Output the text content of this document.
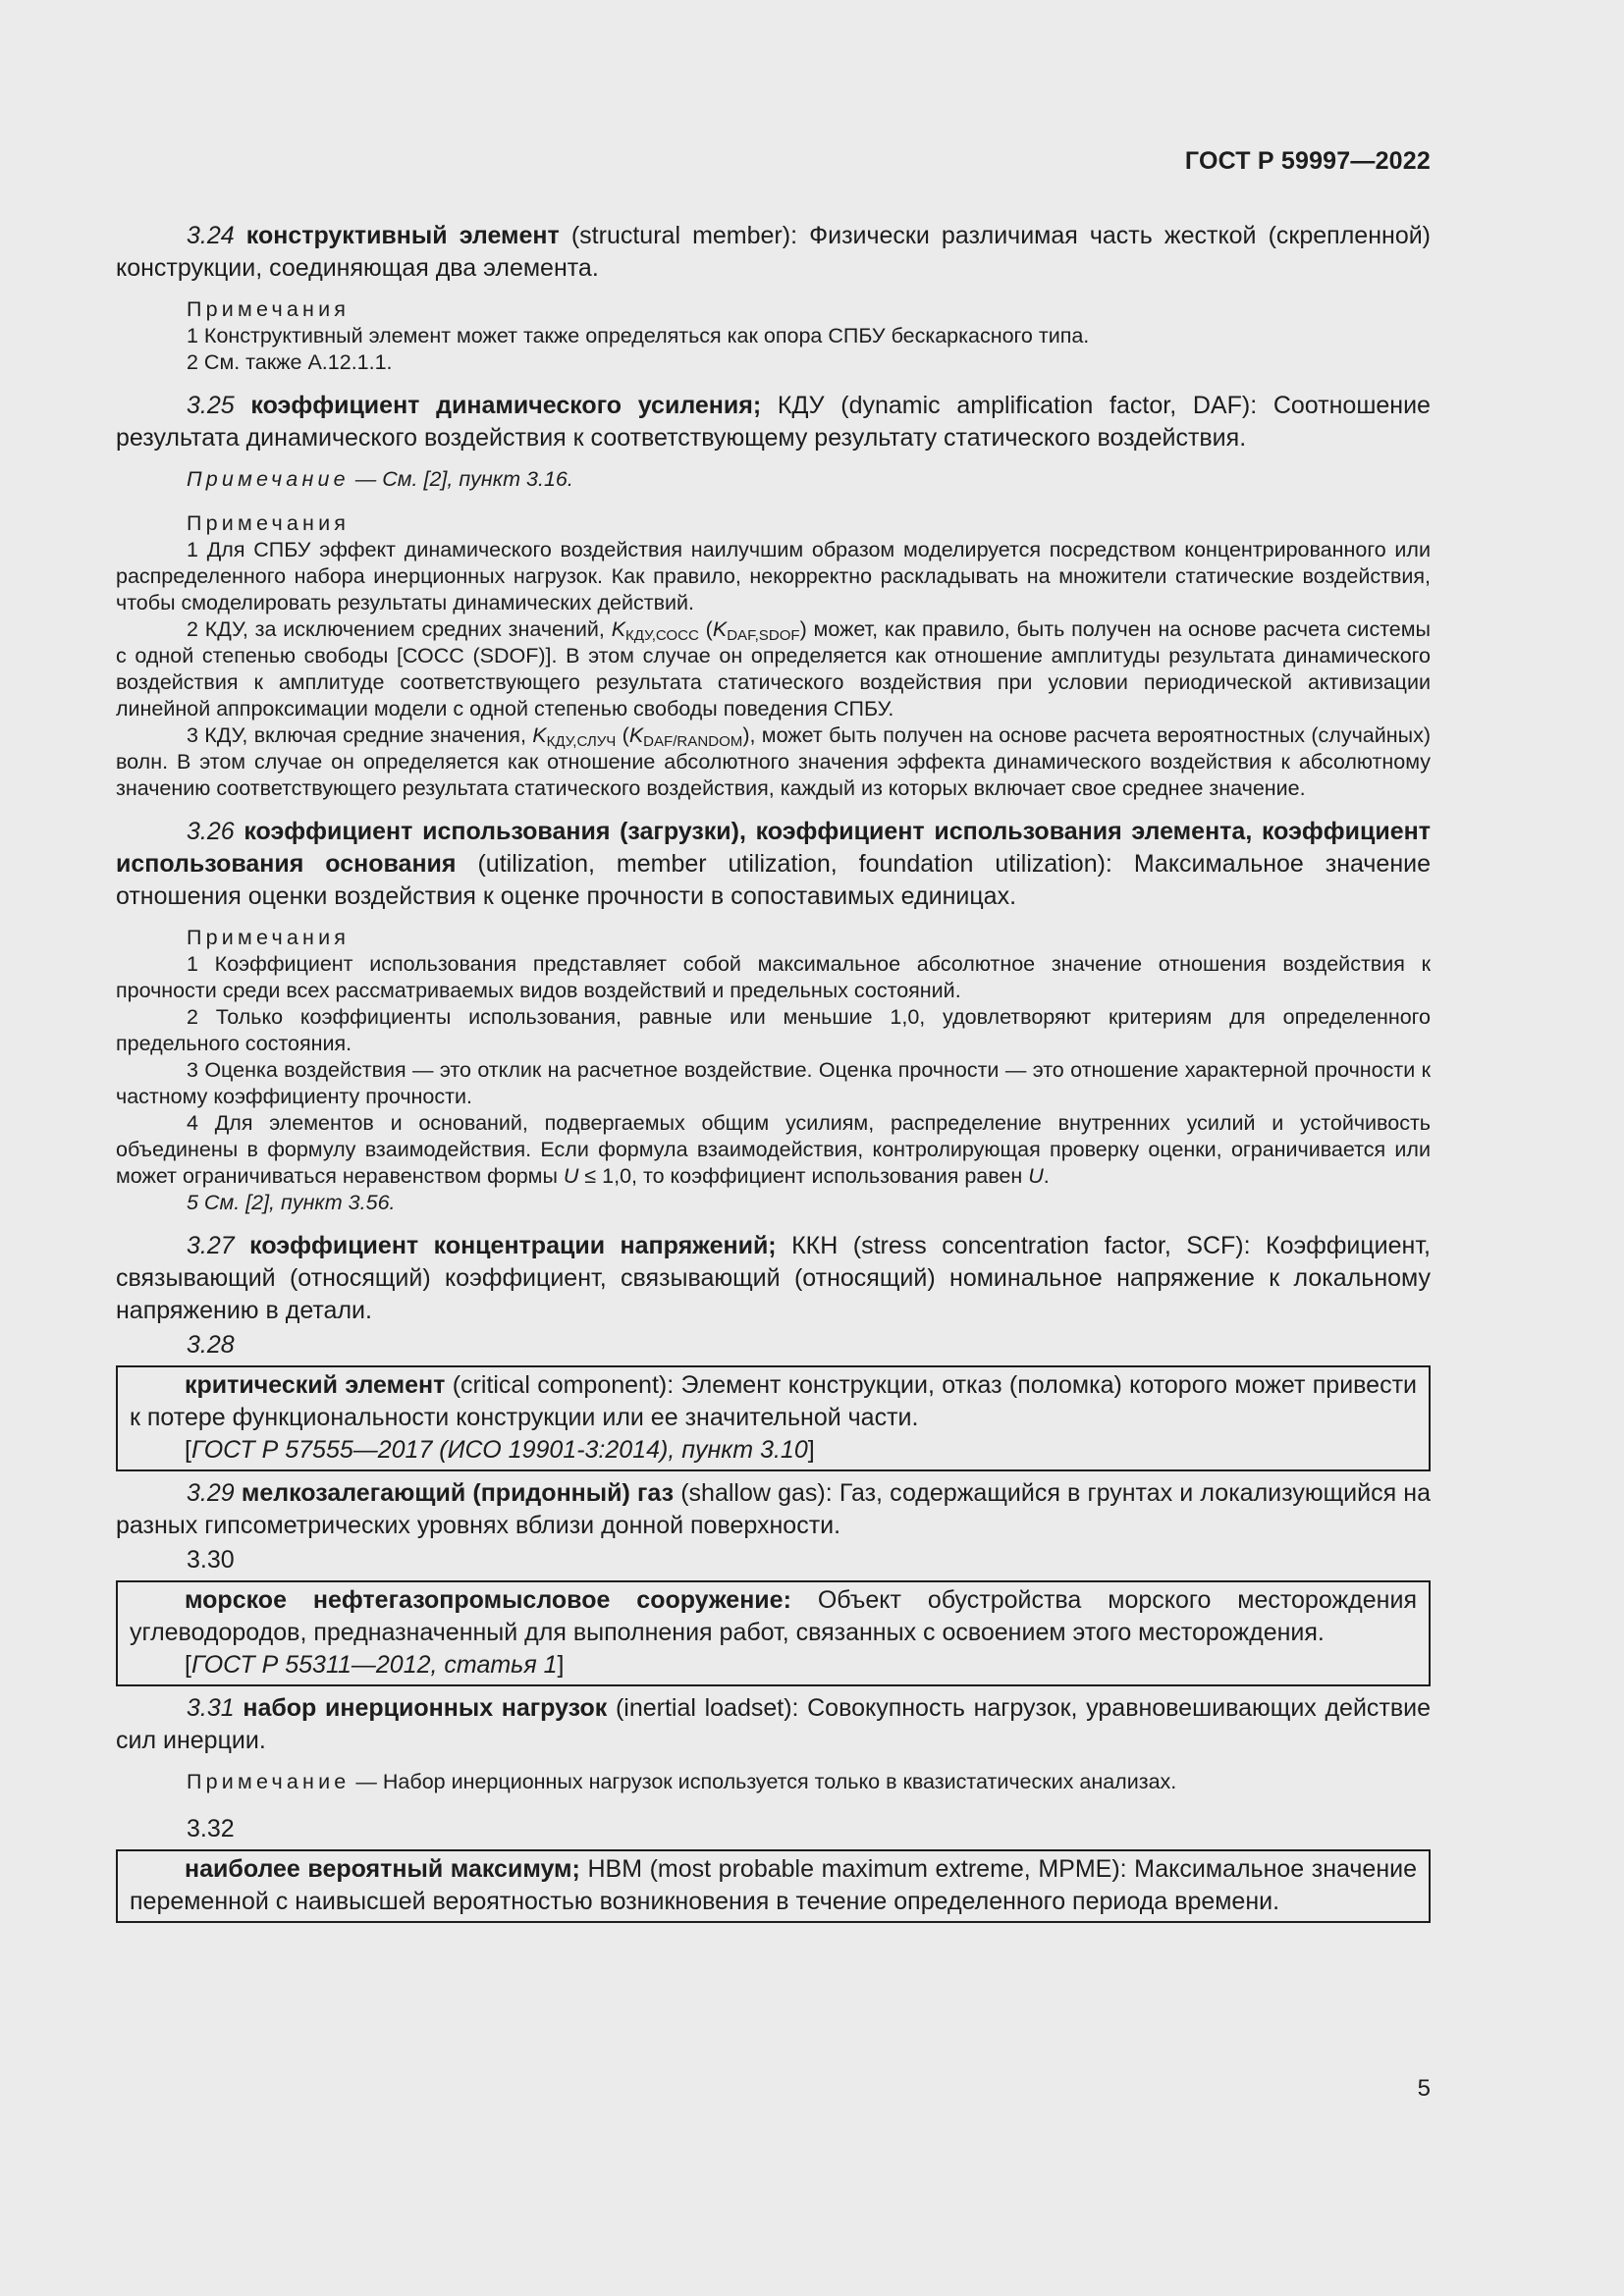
ГОСТ Р 59997—2022

3.24 конструктивный элемент (structural member): Физически различимая часть жесткой (скрепленной) конструкции, соединяющая два элемента.

Примечания

1 Конструктивный элемент может также определяться как опора СПБУ бескаркасного типа.

2 См. также А.12.1.1.

3.25 коэффициент динамического усиления; КДУ (dynamic amplification factor, DAF): Соотношение результата динамического воздействия к соответствующему результату статического воздействия.

Примечание — См. [2], пункт 3.16.

Примечания

1 Для СПБУ эффект динамического воздействия наилучшим образом моделируется посредством концентрированного или распределенного набора инерционных нагрузок. Как правило, некорректно раскладывать на множители статические воздействия, чтобы смоделировать результаты динамических действий.

2 КДУ, за исключением средних значений, $K_{КДУ,СОСС}$ $(K_{DAF,SDOF})$ может, как правило, быть получен на основе расчета системы с одной степенью свободы [СОСС (SDOF)]. В этом случае он определяется как отношение амплитуды результата динамического воздействия к амплитуде соответствующего результата статического воздействия при условии периодической активизации линейной аппроксимации модели с одной степенью свободы поведения СПБУ.

3 КДУ, включая средние значения, $K_{КДУ,СЛУЧ}$ $(K_{DAF/RANDOM})$, может быть получен на основе расчета вероятностных (случайных) волн. В этом случае он определяется как отношение абсолютного значения эффекта динамического воздействия к абсолютному значению соответствующего результата статического воздействия, каждый из которых включает свое среднее значение.

3.26 коэффициент использования (загрузки), коэффициент использования элемента, коэффициент использования основания (utilization, member utilization, foundation utilization): Максимальное значение отношения оценки воздействия к оценке прочности в сопоставимых единицах.

Примечания

1 Коэффициент использования представляет собой максимальное абсолютное значение отношения воздействия к прочности среди всех рассматриваемых видов воздействий и предельных состояний.

2 Только коэффициенты использования, равные или меньшие 1,0, удовлетворяют критериям для определенного предельного состояния.

3 Оценка воздействия — это отклик на расчетное воздействие. Оценка прочности — это отношение характерной прочности к частному коэффициенту прочности.

4 Для элементов и оснований, подвергаемых общим усилиям, распределение внутренних усилий и устойчивость объединены в формулу взаимодействия. Если формула взаимодействия, контролирующая проверку оценки, ограничивается или может ограничиваться неравенством формы U ≤ 1,0, то коэффициент использования равен U.

5 См. [2], пункт 3.56.

3.27 коэффициент концентрации напряжений; ККН (stress concentration factor, SCF): Коэффициент, связывающий (относящий) коэффициент, связывающий (относящий) номинальное напряжение к локальному напряжению в детали.

3.28

критический элемент (critical component): Элемент конструкции, отказ (поломка) которого может привести к потере функциональности конструкции или ее значительной части.

[ГОСТ Р 57555—2017 (ИСО 19901-3:2014), пункт 3.10]

3.29 мелкозалегающий (придонный) газ (shallow gas): Газ, содержащийся в грунтах и локализующийся на разных гипсометрических уровнях вблизи донной поверхности.

3.30

морское нефтегазопромысловое сооружение: Объект обустройства морского месторождения углеводородов, предназначенный для выполнения работ, связанных с освоением этого месторождения.

[ГОСТ Р 55311—2012, статья 1]

3.31 набор инерционных нагрузок (inertial loadset): Совокупность нагрузок, уравновешивающих действие сил инерции.

Примечание — Набор инерционных нагрузок используется только в квазистатических анализах.

3.32

наиболее вероятный максимум; НВМ (most probable maximum extreme, MPME): Максимальное значение переменной с наивысшей вероятностью возникновения в течение определенного периода времени.

5
